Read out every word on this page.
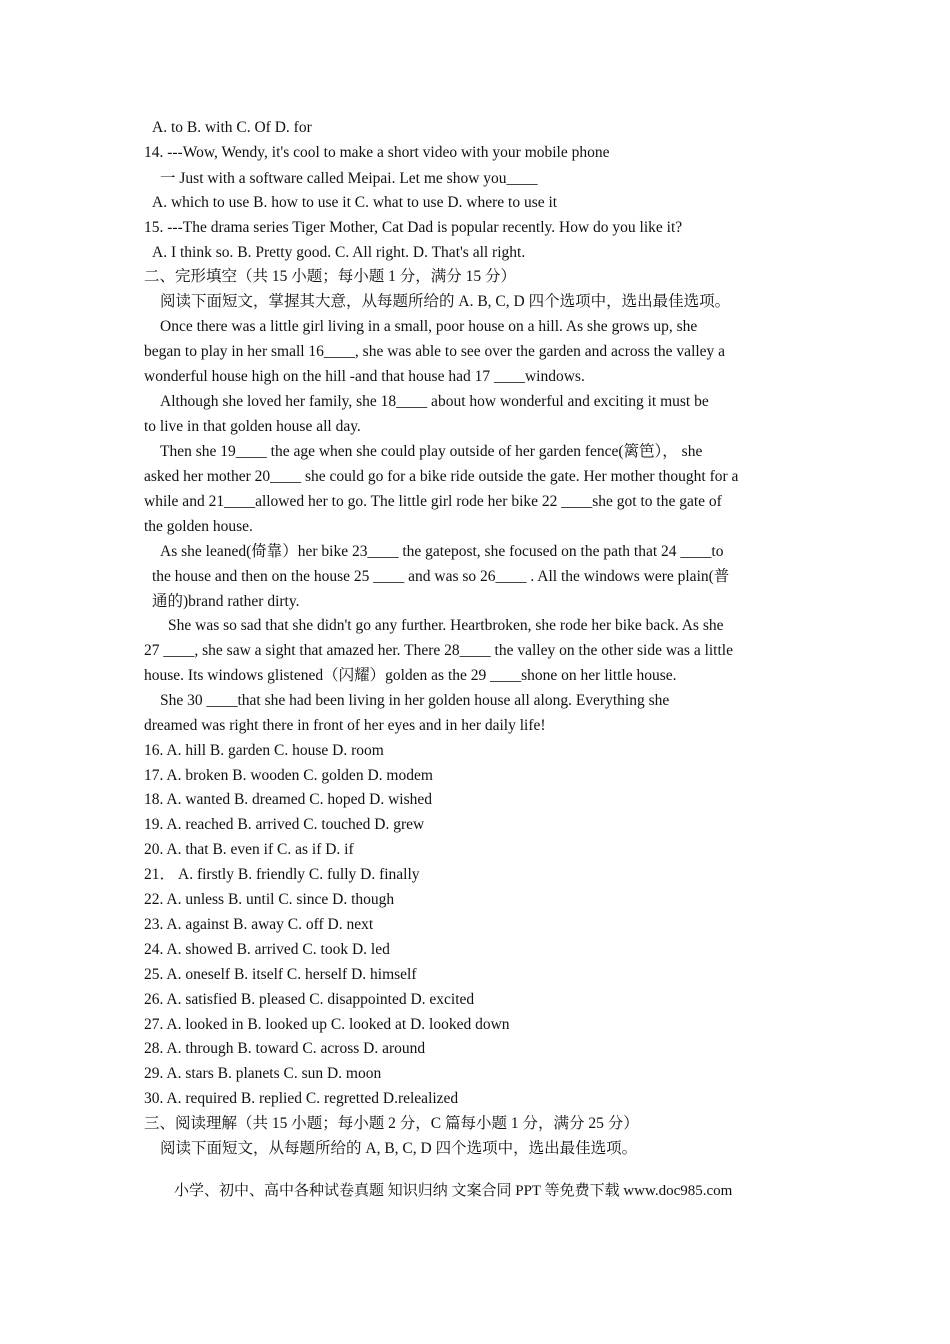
A. to B. with C. Of D. for
14. ---Wow, Wendy, it's cool to make a short video with your mobile phone
一 Just with a software called Meipai. Let me show you____
A. which to use B. how to use it C. what to use D. where to use it
15. ---The drama series Tiger Mother, Cat Dad is popular recently. How do you like it?
A. I think so. B. Pretty good. C. All right. D. That's all right.
二、完形填空（共 15 小题；每小题 1 分，满分 15 分）
阅读下面短文，掌握其大意，从每题所给的 A. B, C, D 四个选项中，选出最佳选项。
Once there was a little girl living in a small, poor house on a hill. As she grows up, she
began to play in her small 16____, she was able to see over the garden and across the valley a
wonderful house high on the hill -and that house had 17 ____windows.
Although she loved her family, she 18____ about how wonderful and exciting it must be
to live in that golden house all day.
Then she 19____ the age when she could play outside of her garden fence(篱笆）， she
asked her mother 20____ she could go for a bike ride outside the gate. Her mother thought for a
while and 21____allowed her to go. The little girl rode her bike 22 ____she got to the gate of
the golden house.
As she leaned(倚靠）her bike 23____ the gatepost, she focused on the path that 24 ____to
the house and then on the house 25 ____ and was so 26____ . All the windows were plain(普
通的)brand rather dirty.
She was so sad that she didn't go any further. Heartbroken, she rode her bike back. As she
27 ____, she saw a sight that amazed her. There 28____ the valley on the other side was a little
house. Its windows glistened（闪耀）golden as the 29 ____shone on her little house.
She 30 ____that she had been living in her golden house all along. Everything she
dreamed was right there in front of her eyes and in her daily life!
16. A. hill B. garden C. house D. room
17. A. broken B. wooden C. golden D. modem
18. A. wanted B. dreamed C. hoped D. wished
19. A. reached B. arrived C. touched D. grew
20. A. that B. even if C. as if D. if
21． A. firstly B. friendly C. fully D. finally
22. A. unless B. until C. since D. though
23. A. against B. away C. off D. next
24. A. showed B. arrived C. took D. led
25. A. oneself B. itself C. herself D. himself
26. A. satisfied B. pleased C. disappointed D. excited
27. A. looked in B. looked up C. looked at D. looked down
28. A. through B. toward C. across D. around
29. A. stars B. planets C. sun D. moon
30. A. required B. replied C. regretted D.relealized
三、阅读理解（共 15 小题；每小题 2 分，C 篇每小题 1 分，满分 25 分）
阅读下面短文，从每题所给的 A, B, C, D 四个选项中，选出最佳选项。
小学、初中、高中各种试卷真题 知识归纳 文案合同 PPT 等免费下载 www.doc985.com
